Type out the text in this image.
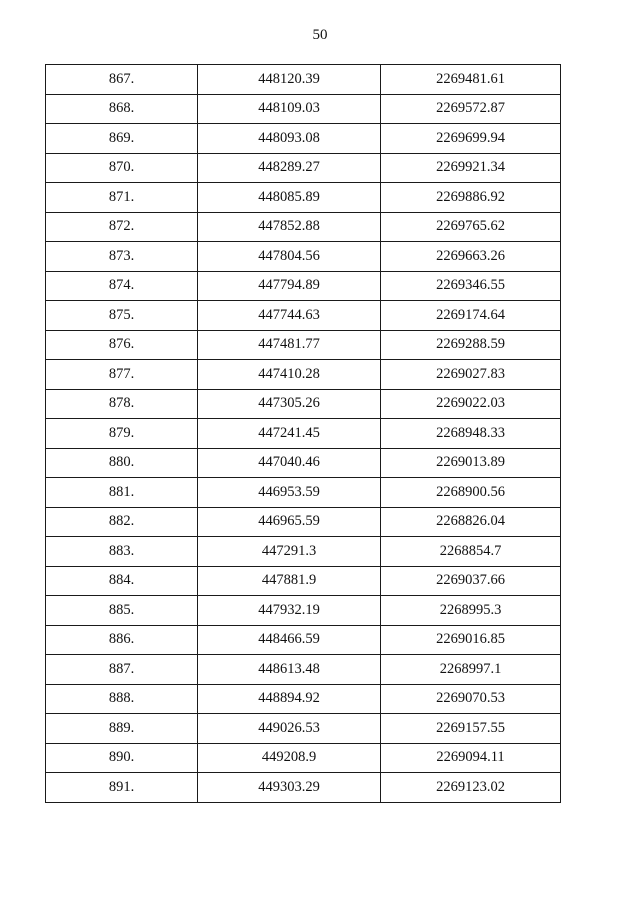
50
867.	448120.39	2269481.61
868.	448109.03	2269572.87
869.	448093.08	2269699.94
870.	448289.27	2269921.34
871.	448085.89	2269886.92
872.	447852.88	2269765.62
873.	447804.56	2269663.26
874.	447794.89	2269346.55
875.	447744.63	2269174.64
876.	447481.77	2269288.59
877.	447410.28	2269027.83
878.	447305.26	2269022.03
879.	447241.45	2268948.33
880.	447040.46	2269013.89
881.	446953.59	2268900.56
882.	446965.59	2268826.04
883.	447291.3	2268854.7
884.	447881.9	2269037.66
885.	447932.19	2268995.3
886.	448466.59	2269016.85
887.	448613.48	2268997.1
888.	448894.92	2269070.53
889.	449026.53	2269157.55
890.	449208.9	2269094.11
891.	449303.29	2269123.02
